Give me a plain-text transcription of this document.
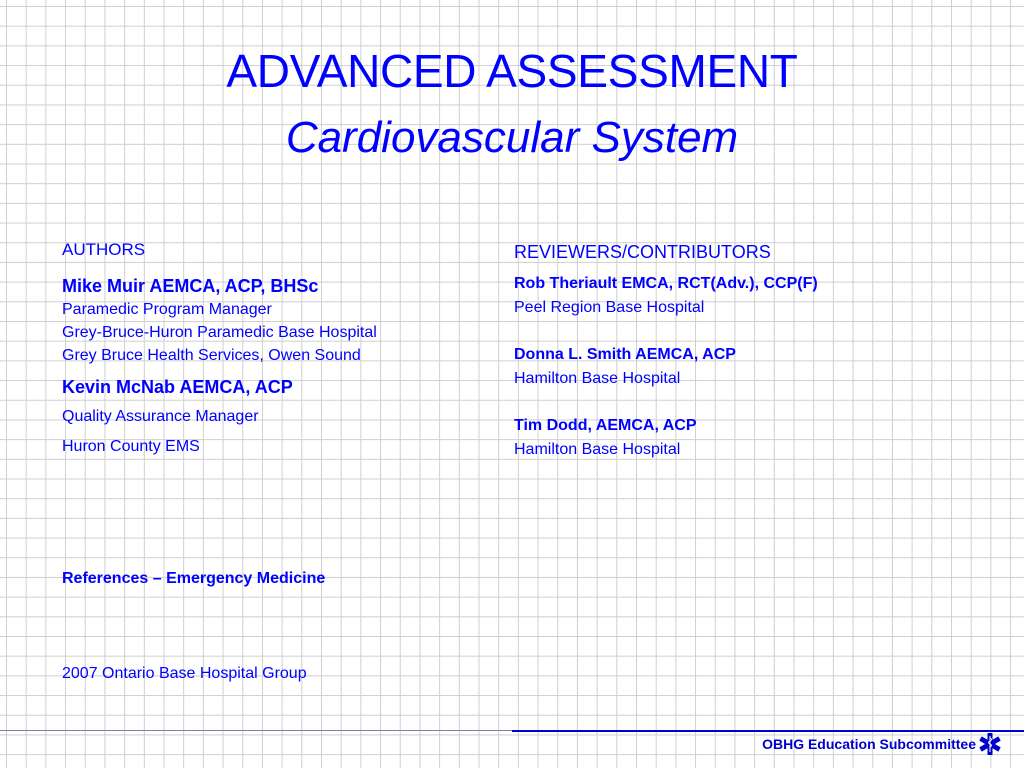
ADVANCED ASSESSMENT
Cardiovascular System
AUTHORS
Mike Muir AEMCA, ACP, BHSc
Paramedic Program Manager
Grey-Bruce-Huron Paramedic Base Hospital
Grey Bruce Health Services, Owen Sound
Kevin McNab AEMCA, ACP
Quality Assurance Manager
Huron County EMS
REVIEWERS/CONTRIBUTORS
Rob Theriault EMCA, RCT(Adv.), CCP(F)
Peel Region Base Hospital
Donna L. Smith AEMCA, ACP
Hamilton Base Hospital
Tim Dodd, AEMCA, ACP
Hamilton Base Hospital
References – Emergency Medicine
2007 Ontario Base Hospital Group
OBHG Education Subcommittee
